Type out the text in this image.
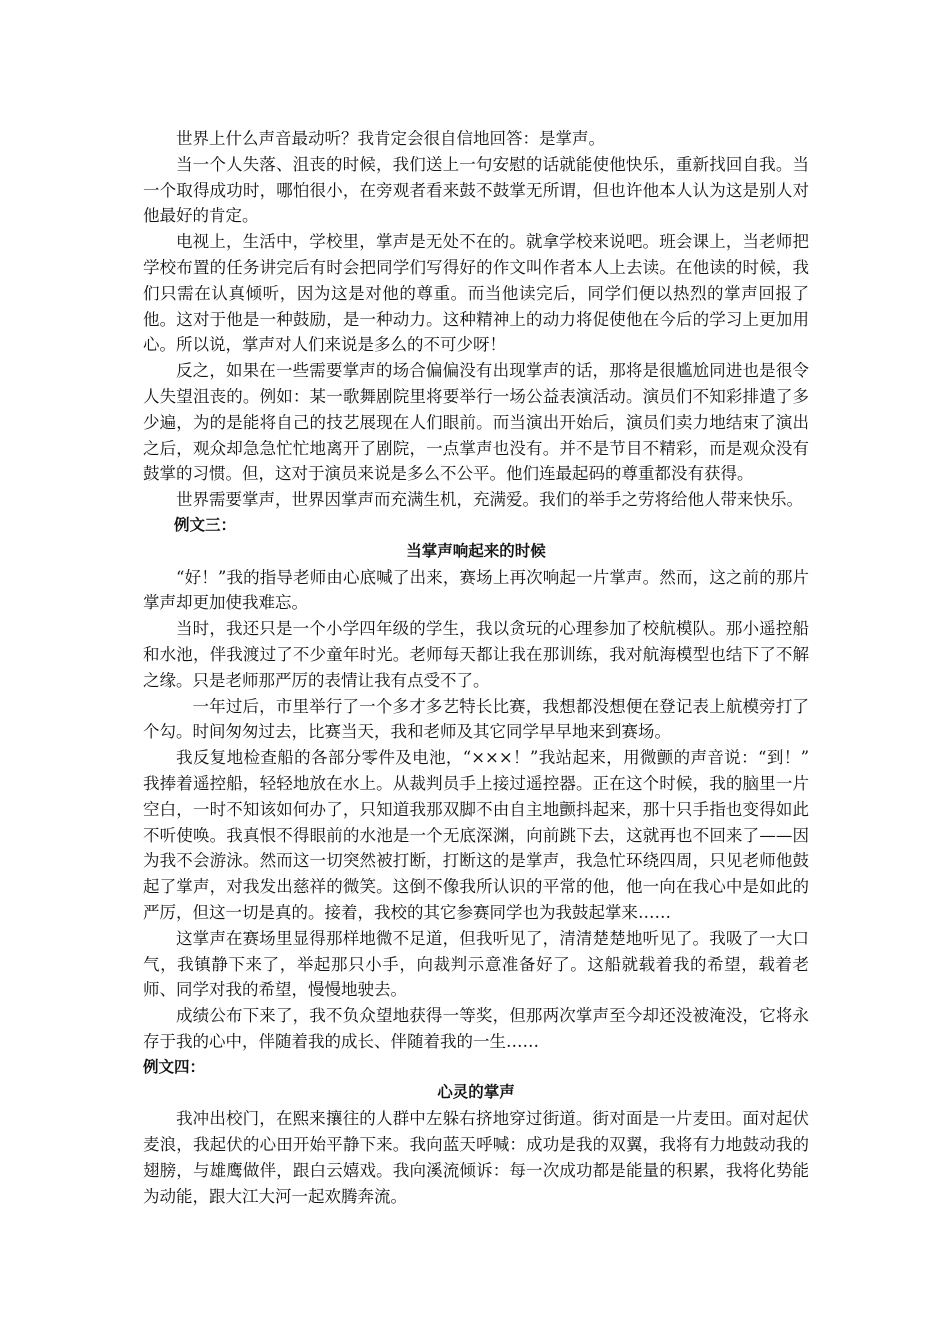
世界上什么声音最动听？我肯定会很自信地回答：是掌声。

当一个人失落、沮丧的时候，我们送上一句安慰的话就能使他快乐，重新找回自我。当一个取得成功时，哪怕很小，在旁观者看来鼓不鼓掌无所谓，但也许他本人认为这是别人对他最好的肯定。

电视上，生活中，学校里，掌声是无处不在的。就拿学校来说吧。班会课上，当老师把学校布置的任务讲完后有时会把同学们写得好的作文叫作者本人上去读。在他读的时候，我们只需在认真倾听，因为这是对他的尊重。而当他读完后，同学们便以热烈的掌声回报了他。这对于他是一种鼓励，是一种动力。这种精神上的动力将促使他在今后的学习上更加用心。所以说，掌声对人们来说是多么的不可少呀！

反之，如果在一些需要掌声的场合偏偏没有出现掌声的话，那将是很尴尬同进也是很令人失望沮丧的。例如：某一歌舞剧院里将要举行一场公益表演活动。演员们不知彩排遣了多少遍，为的是能将自己的技艺展现在人们眼前。而当演出开始后，演员们卖力地结束了演出之后，观众却急急忙忙地离开了剧院，一点掌声也没有。并不是节目不精彩，而是观众没有鼓掌的习惯。但，这对于演员来说是多么不公平。他们连最起码的尊重都没有获得。

世界需要掌声，世界因掌声而充满生机，充满爱。我们的举手之劳将给他人带来快乐。

例文三：

当掌声响起来的时候

“好！”我的指导老师由心底喊了出来，赛场上再次响起一片掌声。然而，这之前的那片掌声却更加使我难忘。

当时，我还只是一个小学四年级的学生，我以贪玩的心理参加了校航模队。那小遥控船和水池，伴我渡过了不少童年时光。老师每天都让我在那训练，我对航海模型也结下了不解之缘。只是老师那严厉的表情让我有点受不了。

一年过后，市里举行了一个多才多艺特长比赛，我想都没想便在登记表上航模旁打了个勾。时间匆匆过去，比赛当天，我和老师及其它同学早早地来到赛场。

我反复地检查船的各部分零件及电池，“×××！”我站起来，用微颤的声音说：“到！” 我捧着遥控船，轻轻地放在水上。从裁判员手上接过遥控器。正在这个时候，我的脑里一片空白，一时不知该如何办了，只知道我那双脚不由自主地颤抖起来，那十只手指也变得如此不听使唤。我真恨不得眼前的水池是一个无底深渊，向前跳下去，这就再也不回来了——因为我不会游泳。然而这一切突然被打断，打断这的是掌声，我急忙环绕四周，只见老师他鼓起了掌声，对我发出慈祥的微笑。这倒不像我所认识的平常的他，他一向在我心中是如此的严厉，但这一切是真的。接着，我校的其它参赛同学也为我鼓起掌来……

这掌声在赛场里显得那样地微不足道，但我听见了，清清楚楚地听见了。我吸了一大口气，我镇静下来了，举起那只小手，向裁判示意准备好了。这船就载着我的希望，载着老师、同学对我的希望，慢慢地驶去。

成绩公布下来了，我不负众望地获得一等奖，但那两次掌声至今却还没被淹没，它将永存于我的心中，伴随着我的成长、伴随着我的一生……

例文四：

心灵的掌声

我冲出校门，在熙来攘往的人群中左躲右挤地穿过街道。街对面是一片麦田。面对起伏麦浪，我起伏的心田开始平静下来。我向蓝天呼喊：成功是我的双翼，我将有力地鼓动我的翅膀，与雄鹰做伴，跟白云嬉戏。我向溪流倾诉：每一次成功都是能量的积累，我将化势能为动能，跟大江大河一起欢腾奔流。
